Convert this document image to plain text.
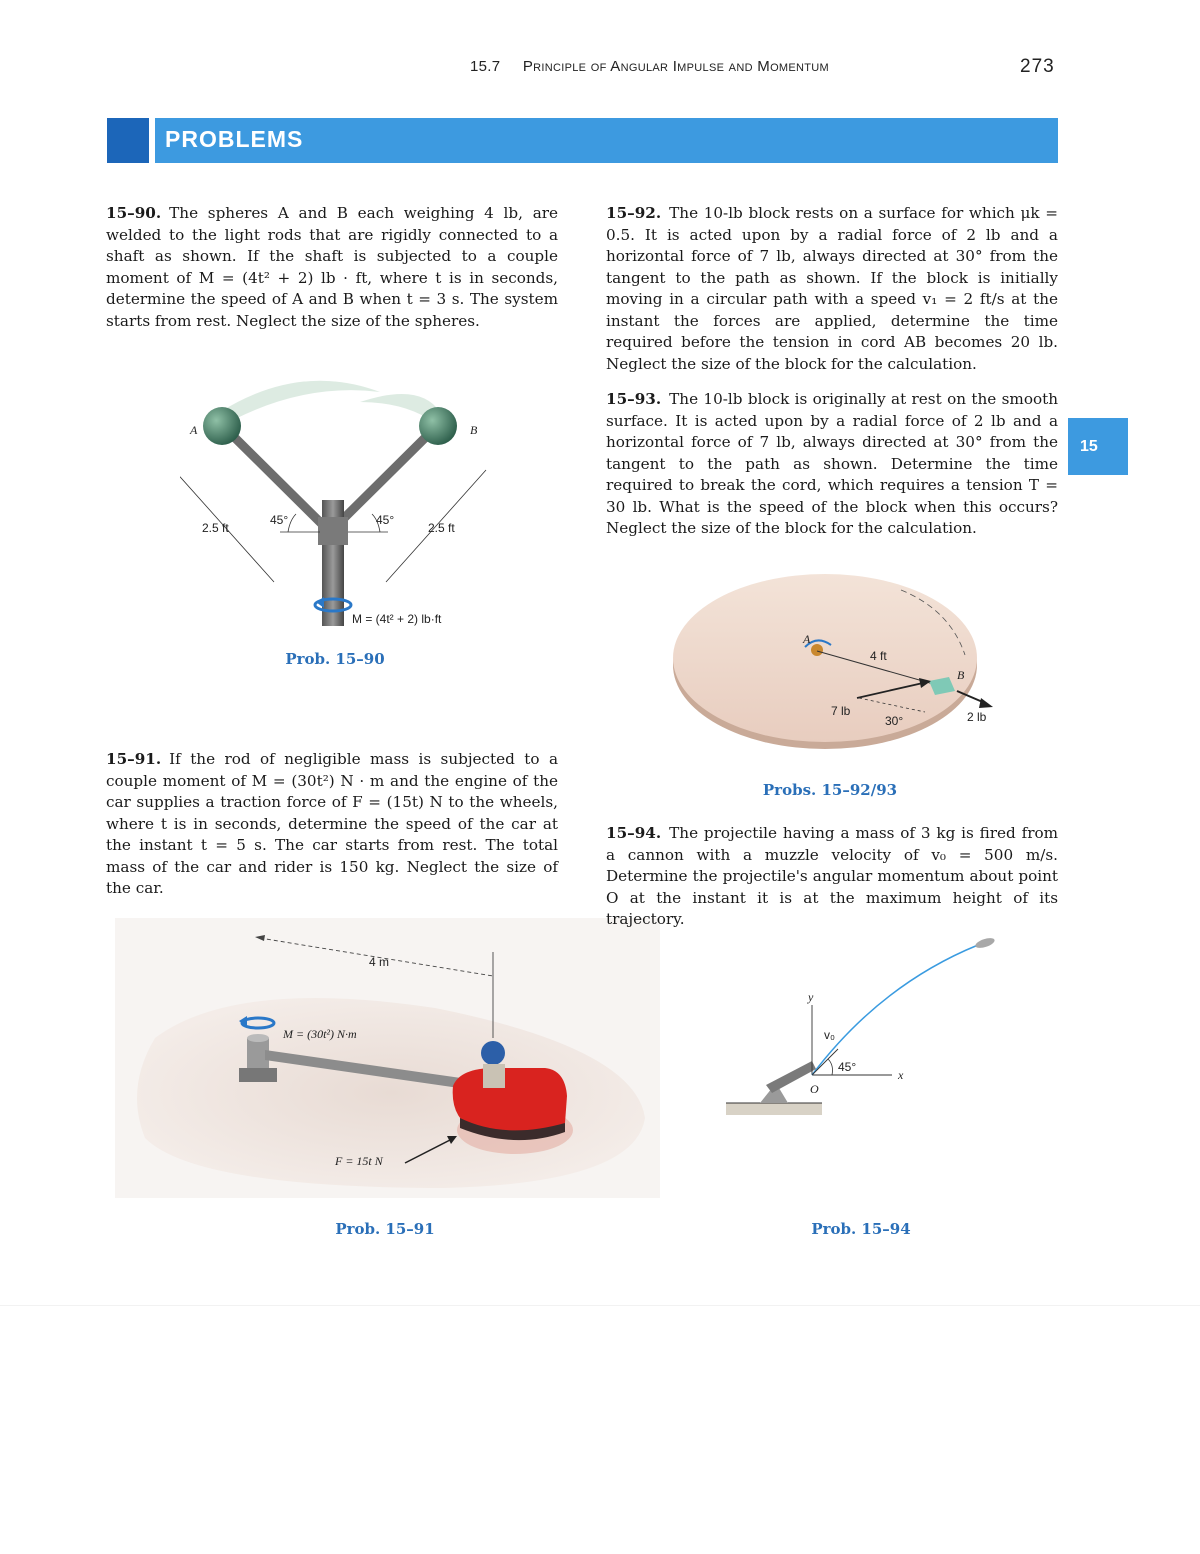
15.7 Principle of Angular Impulse and Momentum	273
PROBLEMS
15
15–90. The spheres A and B each weighing 4 lb, are welded to the light rods that are rigidly connected to a shaft as shown. If the shaft is subjected to a couple moment of M = (4t² + 2) lb · ft, where t is in seconds, determine the speed of A and B when t = 3 s. The system starts from rest. Neglect the size of the spheres.
A	B
2.5 ft	2.5 ft
45°	45°
M = (4t² + 2) lb·ft
Prob. 15–90
15–91. If the rod of negligible mass is subjected to a couple moment of M = (30t²) N · m and the engine of the car supplies a traction force of F = (15t) N to the wheels, where t is in seconds, determine the speed of the car at the instant t = 5 s. The car starts from rest. The total mass of the car and rider is 150 kg. Neglect the size of the car.
4 m
M = (30t²) N·m
F = 15t N
Prob. 15–91
15–92. The 10-lb block rests on a surface for which μk = 0.5. It is acted upon by a radial force of 2 lb and a horizontal force of 7 lb, always directed at 30° from the tangent to the path as shown. If the block is initially moving in a circular path with a speed v₁ = 2 ft/s at the instant the forces are applied, determine the time required before the tension in cord AB becomes 20 lb. Neglect the size of the block for the calculation.
15–93. The 10-lb block is originally at rest on the smooth surface. It is acted upon by a radial force of 2 lb and a horizontal force of 7 lb, always directed at 30° from the tangent to the path as shown. Determine the time required to break the cord, which requires a tension T = 30 lb. What is the speed of the block when this occurs? Neglect the size of the block for the calculation.
A
B
4 ft
7 lb
30°	2 lb
Probs. 15–92/93
15–94. The projectile having a mass of 3 kg is fired from a cannon with a muzzle velocity of v₀ = 500 m/s. Determine the projectile's angular momentum about point O at the instant it is at the maximum height of its trajectory.
y
x
v₀
45°
O
Prob. 15–94
